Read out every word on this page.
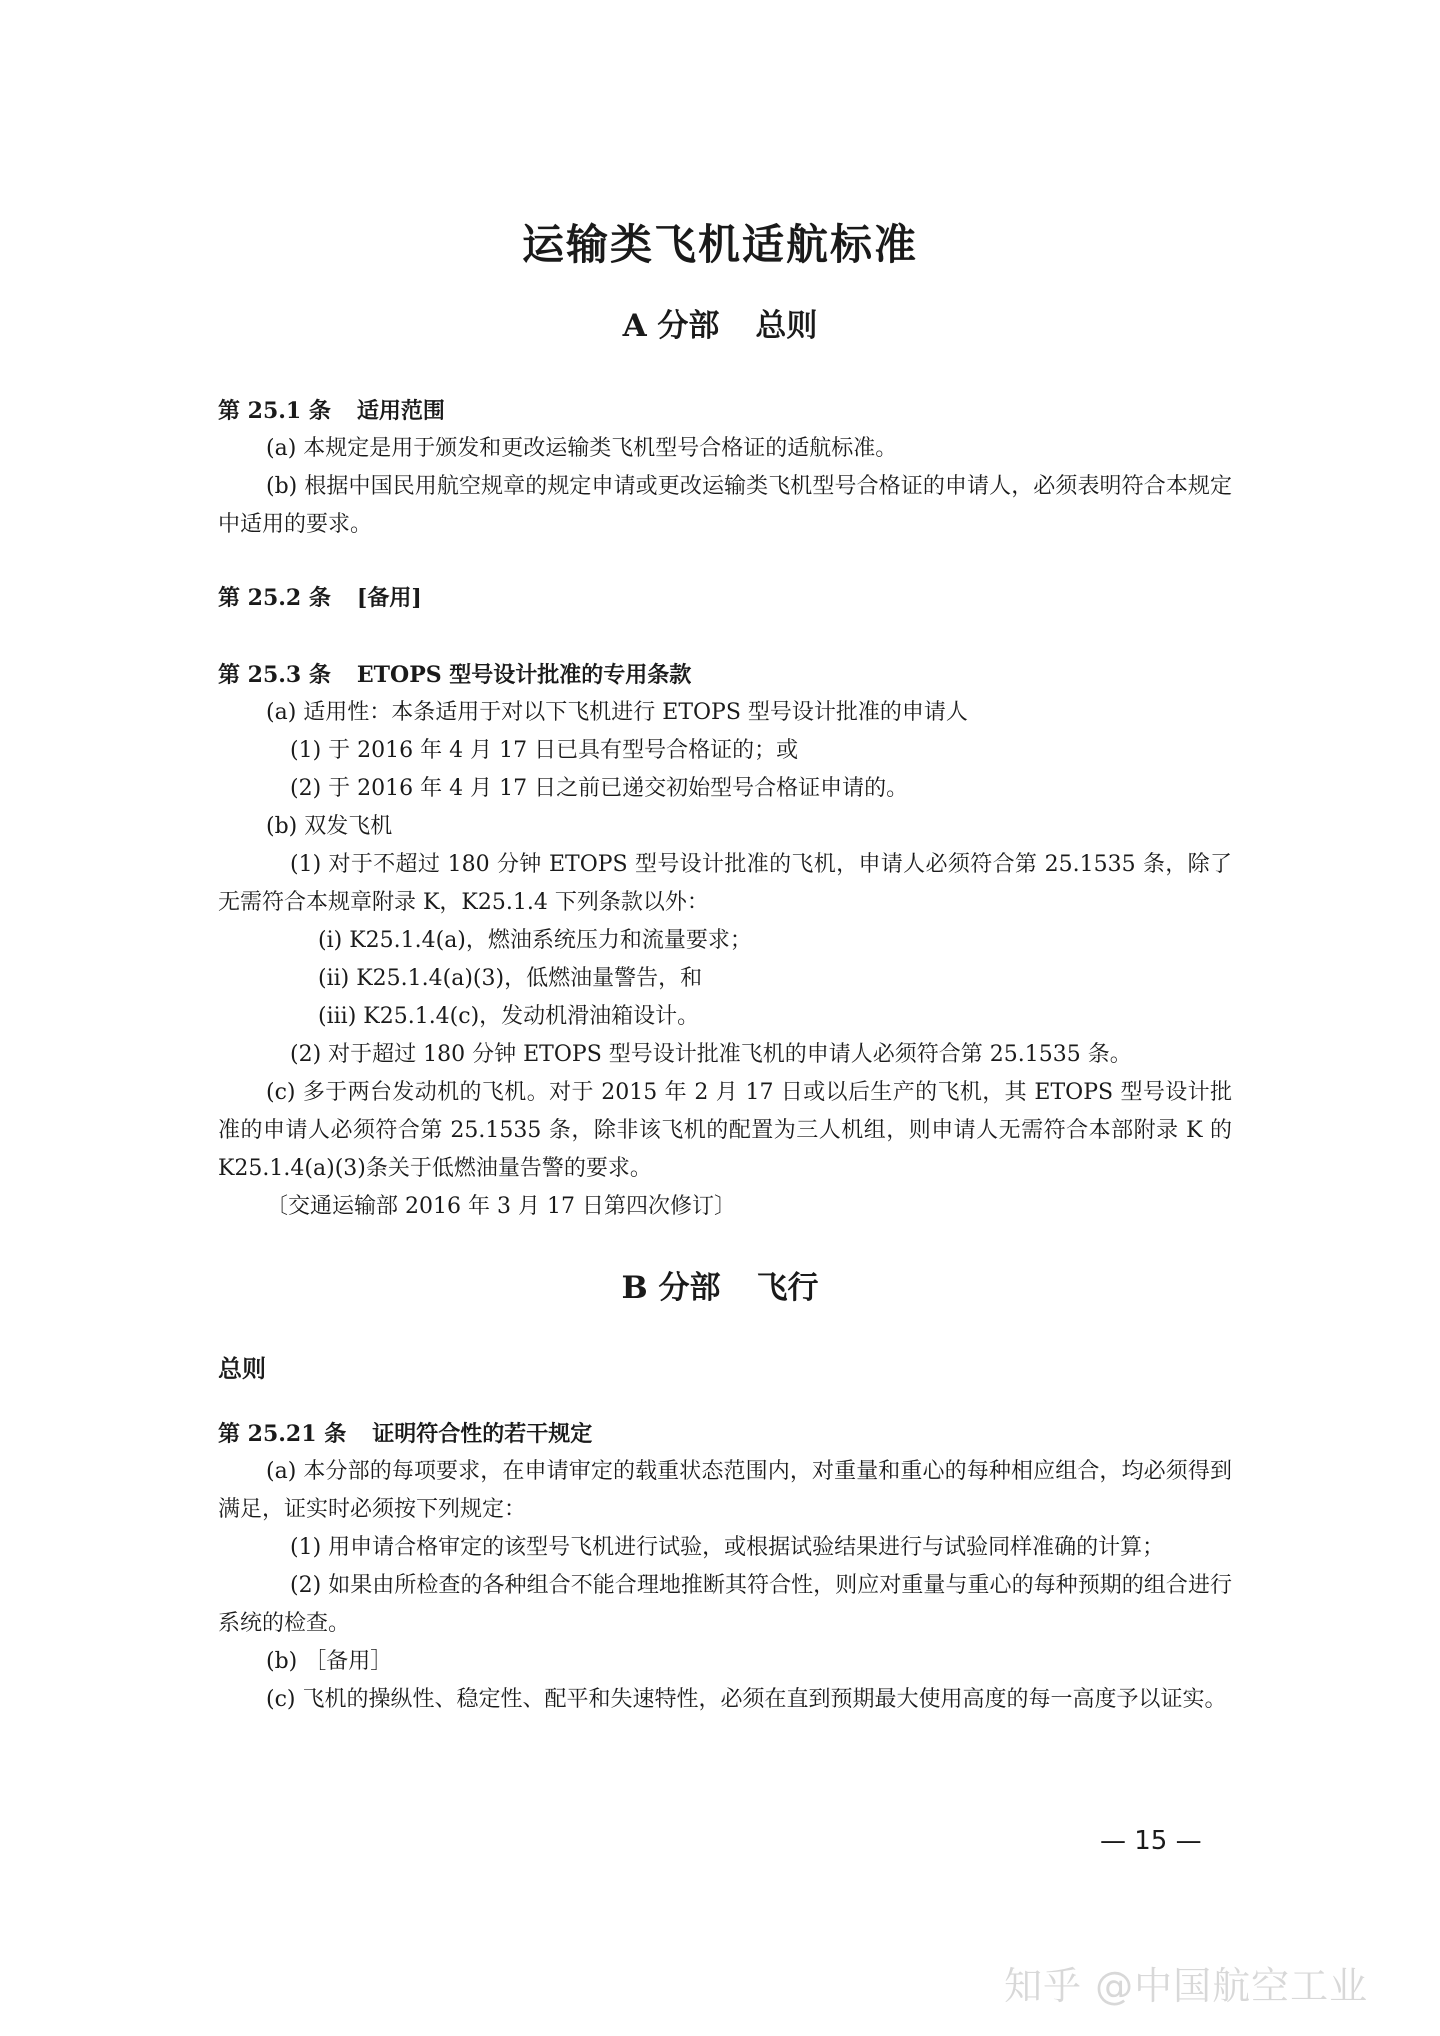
运输类飞机适航标准
A 分部 总则

第 25.1 条 适用范围

(a) 本规定是用于颁发和更改运输类飞机型号合格证的适航标准。

(b) 根据中国民用航空规章的规定申请或更改运输类飞机型号合格证的申请人，必须表明符合本规定中适用的要求。

第 25.2 条 [备用]

第 25.3 条 ETOPS 型号设计批准的专用条款

(a) 适用性：本条适用于对以下飞机进行 ETOPS 型号设计批准的申请人

(1) 于 2016 年 4 月 17 日已具有型号合格证的；或

(2) 于 2016 年 4 月 17 日之前已递交初始型号合格证申请的。

(b) 双发飞机

(1) 对于不超过 180 分钟 ETOPS 型号设计批准的飞机，申请人必须符合第 25.1535 条，除了无需符合本规章附录 K，K25.1.4 下列条款以外：

(i) K25.1.4(a)，燃油系统压力和流量要求；

(ii) K25.1.4(a)(3)，低燃油量警告，和

(iii) K25.1.4(c)，发动机滑油箱设计。

(2) 对于超过 180 分钟 ETOPS 型号设计批准飞机的申请人必须符合第 25.1535 条。

(c) 多于两台发动机的飞机。对于 2015 年 2 月 17 日或以后生产的飞机，其 ETOPS 型号设计批准的申请人必须符合第 25.1535 条，除非该飞机的配置为三人机组，则申请人无需符合本部附录 K 的 K25.1.4(a)(3)条关于低燃油量告警的要求。

〔交通运输部 2016 年 3 月 17 日第四次修订〕

B 分部 飞行

总则

第 25.21 条 证明符合性的若干规定

(a) 本分部的每项要求，在申请审定的载重状态范围内，对重量和重心的每种相应组合，均必须得到满足，证实时必须按下列规定：

(1) 用申请合格审定的该型号飞机进行试验，或根据试验结果进行与试验同样准确的计算；

(2) 如果由所检查的各种组合不能合理地推断其符合性，则应对重量与重心的每种预期的组合进行系统的检查。

(b) ［备用］

(c) 飞机的操纵性、稳定性、配平和失速特性，必须在直到预期最大使用高度的每一高度予以证实。

— 15 —
知乎 @中国航空工业
